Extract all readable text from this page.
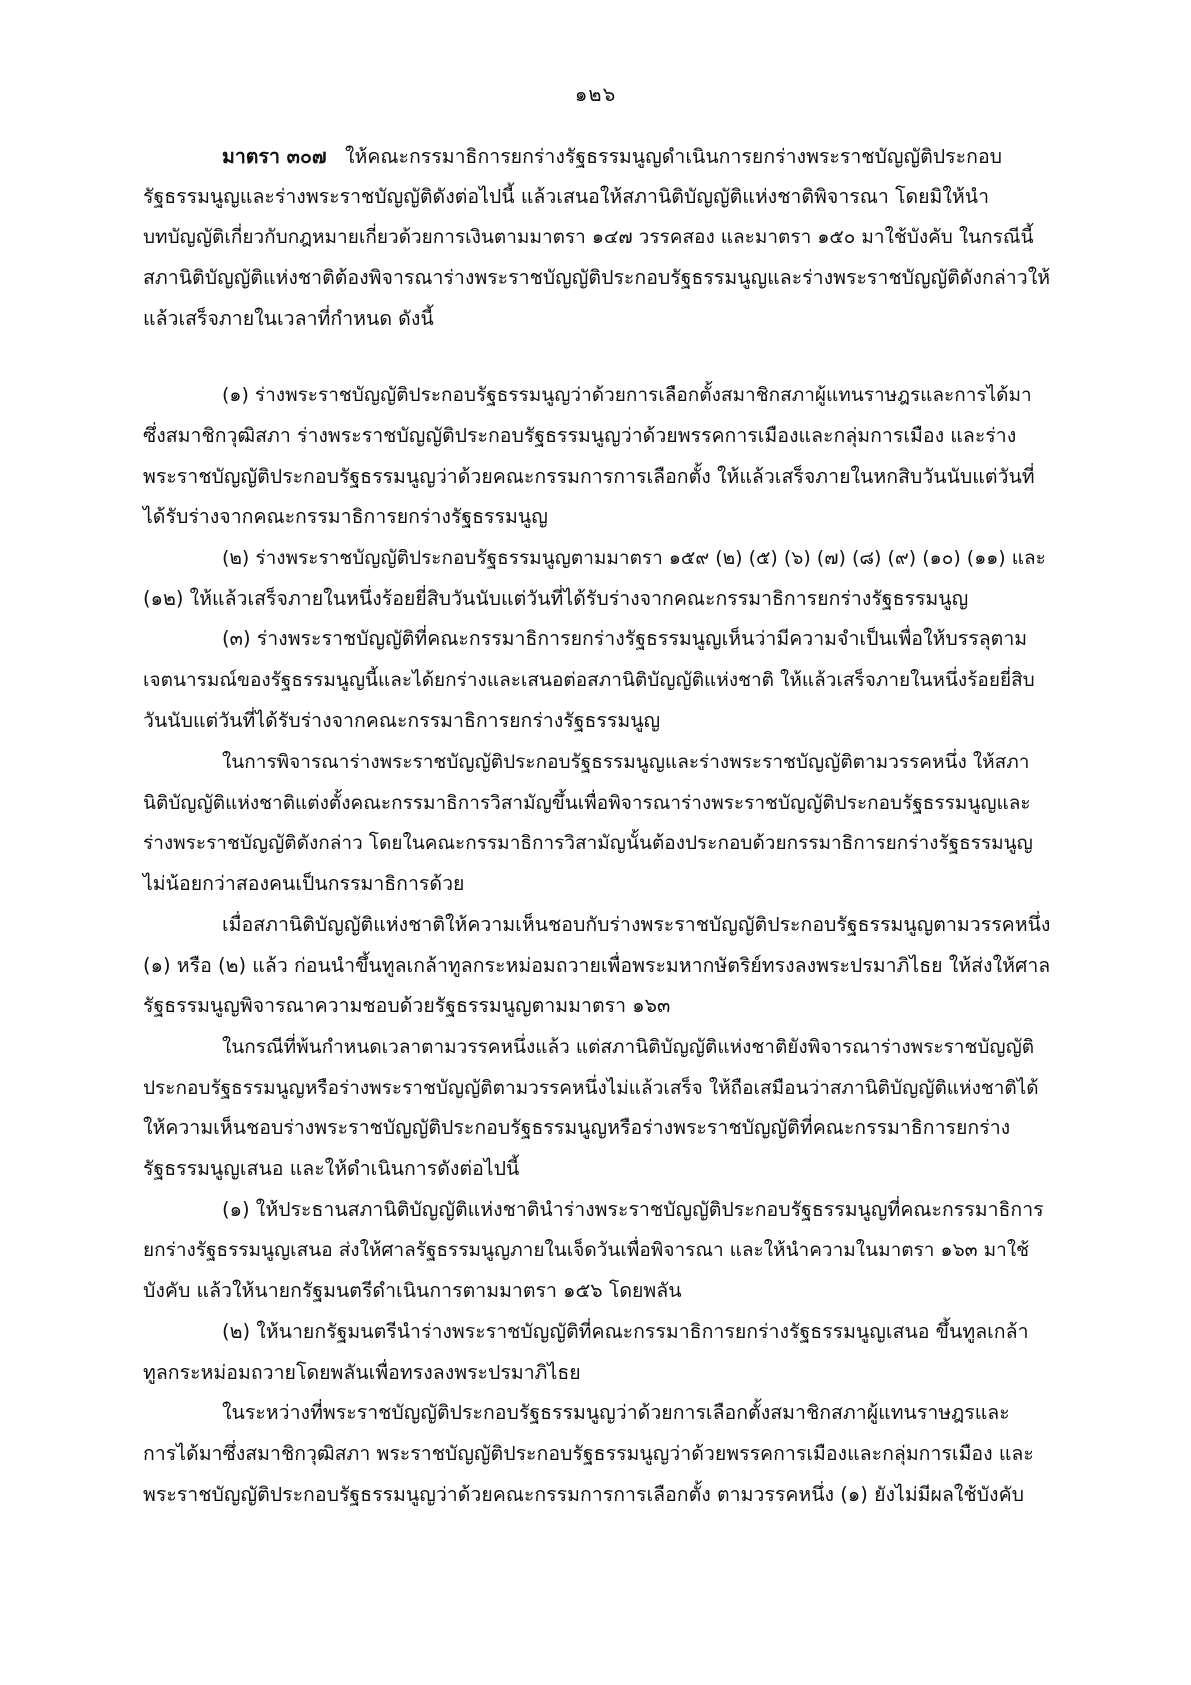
๑๒๖
มาตรา ๓๐๗ ให้คณะกรรมาธิการยกร่างรัฐธรรมนูญดำเนินการยกร่างพระราชบัญญัติประกอบ
รัฐธรรมนูญและร่างพระราชบัญญัติดังต่อไปนี้ แล้วเสนอให้สภานิติบัญญัติแห่งชาติพิจารณา โดยมิให้นำ
บทบัญญัติเกี่ยวกับกฎหมายเกี่ยวด้วยการเงินตามมาตรา ๑๔๗ วรรคสอง และมาตรา ๑๕๐ มาใช้บังคับ ในกรณีนี้
สภานิติบัญญัติแห่งชาติต้องพิจารณาร่างพระราชบัญญัติประกอบรัฐธรรมนูญและร่างพระราชบัญญัติดังกล่าวให้
แล้วเสร็จภายในเวลาที่กำหนด ดังนี้
(๑) ร่างพระราชบัญญัติประกอบรัฐธรรมนูญว่าด้วยการเลือกตั้งสมาชิกสภาผู้แทนราษฎรและการได้มา
ซึ่งสมาชิกวุฒิสภา ร่างพระราชบัญญัติประกอบรัฐธรรมนูญว่าด้วยพรรคการเมืองและกลุ่มการเมือง และร่าง
พระราชบัญญัติประกอบรัฐธรรมนูญว่าด้วยคณะกรรมการการเลือกตั้ง ให้แล้วเสร็จภายในหกสิบวันนับแต่วันที่
ได้รับร่างจากคณะกรรมาธิการยกร่างรัฐธรรมนูญ
(๒) ร่างพระราชบัญญัติประกอบรัฐธรรมนูญตามมาตรา ๑๕๙ (๒) (๕) (๖) (๗) (๘) (๙) (๑๐) (๑๑) และ
(๑๒) ให้แล้วเสร็จภายในหนึ่งร้อยยี่สิบวันนับแต่วันที่ได้รับร่างจากคณะกรรมาธิการยกร่างรัฐธรรมนูญ
(๓) ร่างพระราชบัญญัติที่คณะกรรมาธิการยกร่างรัฐธรรมนูญเห็นว่ามีความจำเป็นเพื่อให้บรรลุตาม
เจตนารมณ์ของรัฐธรรมนูญนี้และได้ยกร่างและเสนอต่อสภานิติบัญญัติแห่งชาติ ให้แล้วเสร็จภายในหนึ่งร้อยยี่สิบ
วันนับแต่วันที่ได้รับร่างจากคณะกรรมาธิการยกร่างรัฐธรรมนูญ
ในการพิจารณาร่างพระราชบัญญัติประกอบรัฐธรรมนูญและร่างพระราชบัญญัติตามวรรคหนึ่ง ให้สภา
นิติบัญญัติแห่งชาติแต่งตั้งคณะกรรมาธิการวิสามัญขึ้นเพื่อพิจารณาร่างพระราชบัญญัติประกอบรัฐธรรมนูญและ
ร่างพระราชบัญญัติดังกล่าว โดยในคณะกรรมาธิการวิสามัญนั้นต้องประกอบด้วยกรรมาธิการยกร่างรัฐธรรมนูญ
ไม่น้อยกว่าสองคนเป็นกรรมาธิการด้วย
เมื่อสภานิติบัญญัติแห่งชาติให้ความเห็นชอบกับร่างพระราชบัญญัติประกอบรัฐธรรมนูญตามวรรคหนึ่ง
(๑) หรือ (๒) แล้ว ก่อนนำขึ้นทูลเกล้าทูลกระหม่อมถวายเพื่อพระมหากษัตริย์ทรงลงพระปรมาภิไธย ให้ส่งให้ศาล
รัฐธรรมนูญพิจารณาความชอบด้วยรัฐธรรมนูญตามมาตรา ๑๖๓
ในกรณีที่พ้นกำหนดเวลาตามวรรคหนึ่งแล้ว แต่สภานิติบัญญัติแห่งชาติยังพิจารณาร่างพระราชบัญญัติ
ประกอบรัฐธรรมนูญหรือร่างพระราชบัญญัติตามวรรคหนึ่งไม่แล้วเสร็จ ให้ถือเสมือนว่าสภานิติบัญญัติแห่งชาติได้
ให้ความเห็นชอบร่างพระราชบัญญัติประกอบรัฐธรรมนูญหรือร่างพระราชบัญญัติที่คณะกรรมาธิการยกร่าง
รัฐธรรมนูญเสนอ และให้ดำเนินการดังต่อไปนี้
(๑) ให้ประธานสภานิติบัญญัติแห่งชาตินำร่างพระราชบัญญัติประกอบรัฐธรรมนูญที่คณะกรรมาธิการ
ยกร่างรัฐธรรมนูญเสนอ ส่งให้ศาลรัฐธรรมนูญภายในเจ็ดวันเพื่อพิจารณา และให้นำความในมาตรา ๑๖๓ มาใช้
บังคับ แล้วให้นายกรัฐมนตรีดำเนินการตามมาตรา ๑๕๖ โดยพลัน
(๒) ให้นายกรัฐมนตรีนำร่างพระราชบัญญัติที่คณะกรรมาธิการยกร่างรัฐธรรมนูญเสนอ ขึ้นทูลเกล้า
ทูลกระหม่อมถวายโดยพลันเพื่อทรงลงพระปรมาภิไธย
ในระหว่างที่พระราชบัญญัติประกอบรัฐธรรมนูญว่าด้วยการเลือกตั้งสมาชิกสภาผู้แทนราษฎรและ
การได้มาซึ่งสมาชิกวุฒิสภา พระราชบัญญัติประกอบรัฐธรรมนูญว่าด้วยพรรคการเมืองและกลุ่มการเมือง และ
พระราชบัญญัติประกอบรัฐธรรมนูญว่าด้วยคณะกรรมการการเลือกตั้ง ตามวรรคหนึ่ง (๑) ยังไม่มีผลใช้บังคับ
